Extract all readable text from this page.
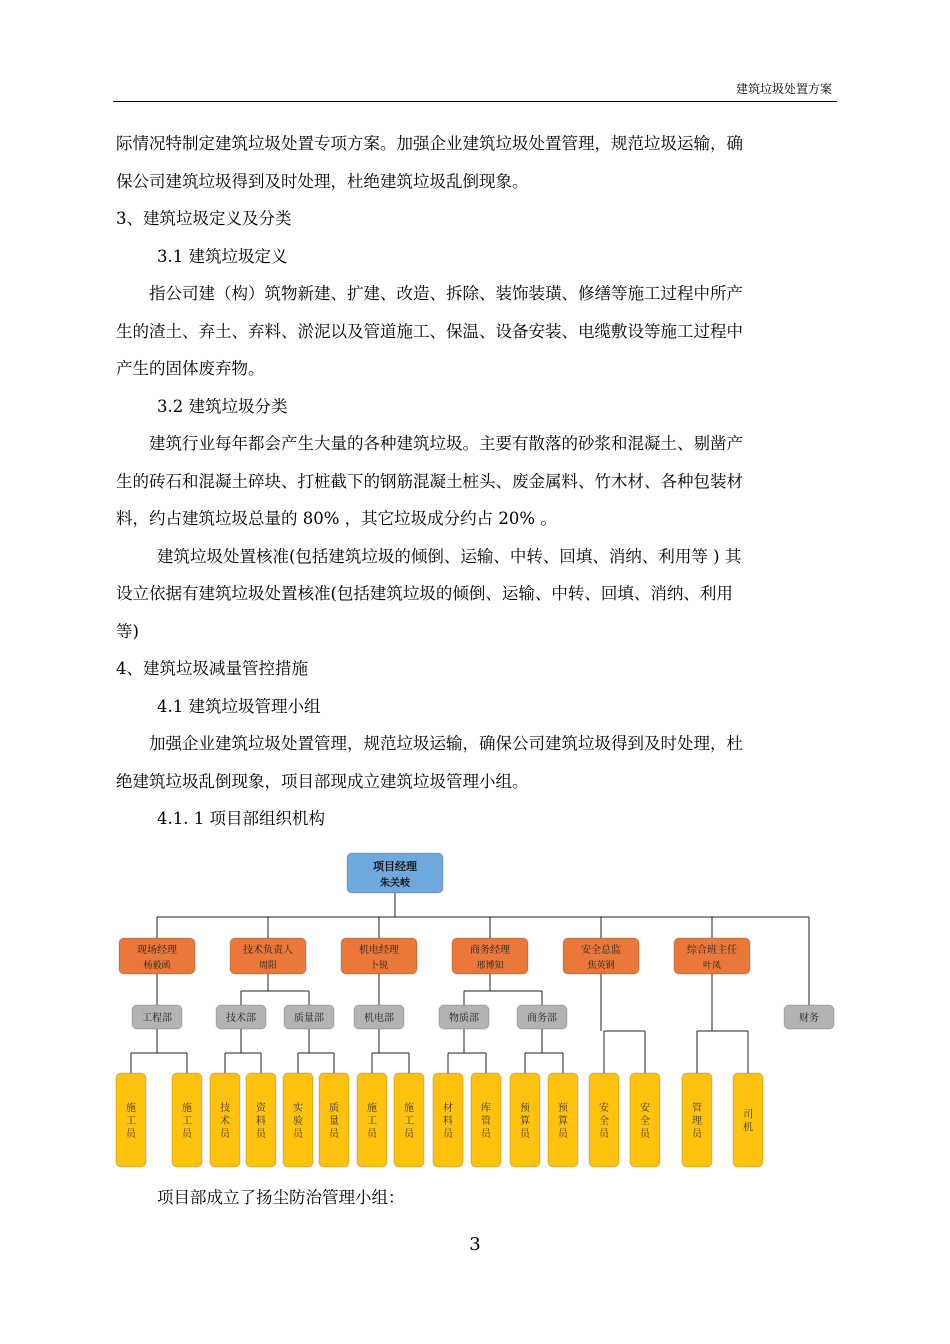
建筑垃圾处置方案
际情况特制定建筑垃圾处置专项方案。加强企业建筑垃圾处置管理，规范垃圾运输，确
保公司建筑垃圾得到及时处理，杜绝建筑垃圾乱倒现象。
3、建筑垃圾定义及分类
3.1 建筑垃圾定义
指公司建（构）筑物新建、扩建、改造、拆除、装饰装璜、修缮等施工过程中所产
生的渣土、弃土、弃料、淤泥以及管道施工、保温、设备安装、电缆敷设等施工过程中
产生的固体废弃物。
3.2 建筑垃圾分类
建筑行业每年都会产生大量的各种建筑垃圾。主要有散落的砂浆和混凝土、剔凿产
生的砖石和混凝土碎块、打桩截下的钢筋混凝土桩头、废金属料、竹木材、各种包装材
料，约占建筑垃圾总量的 80% ，其它垃圾成分约占 20% 。
建筑垃圾处置核准(包括建筑垃圾的倾倒、运输、中转、回填、消纳、利用等 ) 其
设立依据有建筑垃圾处置核准(包括建筑垃圾的倾倒、运输、中转、回填、消纳、利用
等)
4、建筑垃圾减量管控措施
4.1 建筑垃圾管理小组
加强企业建筑垃圾处置管理，规范垃圾运输，确保公司建筑垃圾得到及时处理，杜
绝建筑垃圾乱倒现象，项目部现成立建筑垃圾管理小组。
4.1. 1 项目部组织机构
项目经理
朱关岐
现场经理
杨毅函
技术负责人
周阳
机电经理
卜锐
商务经理
邢博知
安全总监
焦英钢
综合班主任
叶凤
工程部	技术部	质量部	机电部	物质部	商务部	财务
施工员
施工员
技术员
资料员
实验员
质量员
施工员
施工员
材料员
库管员
预算员
预算员
安全员
安全员
管理员
司机
项目部成立了扬尘防治管理小组：
3
